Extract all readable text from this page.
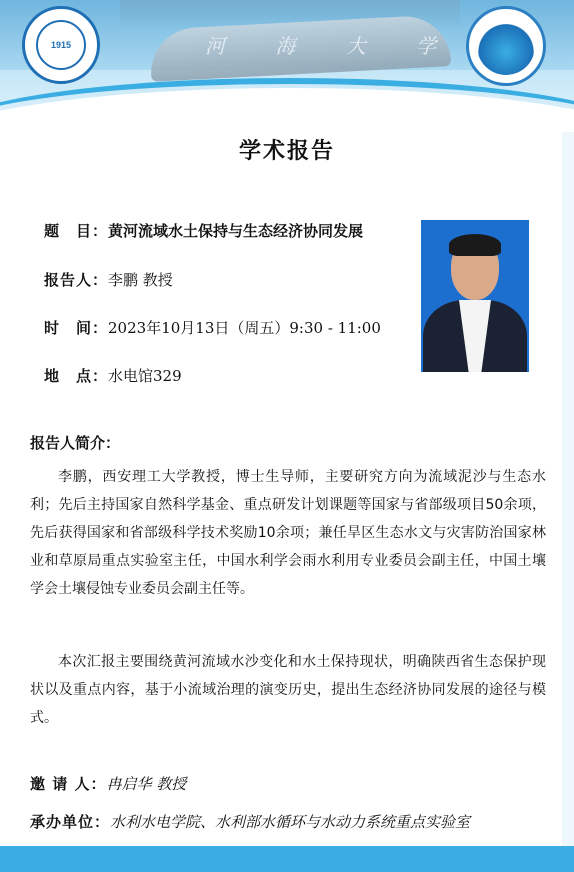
河 海 大 学
1915
学术报告
题　目：黄河流域水土保持与生态经济协同发展
报告人：李鹏 教授
时　间：2023年10月13日（周五）9:30 - 11:00
地　点：水电馆329
报告人简介：

李鹏，西安理工大学教授，博士生导师，主要研究方向为流域泥沙与生态水利；先后主持国家自然科学基金、重点研发计划课题等国家与省部级项目50余项，先后获得国家和省部级科学技术奖励10余项；兼任旱区生态水文与灾害防治国家林业和草原局重点实验室主任，中国水利学会雨水利用专业委员会副主任，中国土壤学会土壤侵蚀专业委员会副主任等。

本次汇报主要围绕黄河流域水沙变化和水土保持现状，明确陕西省生态保护现状以及重点内容，基于小流域治理的演变历史，提出生态经济协同发展的途径与模式。

邀 请 人：冉启华 教授
承办单位：水利水电学院、水利部水循环与水动力系统重点实验室
